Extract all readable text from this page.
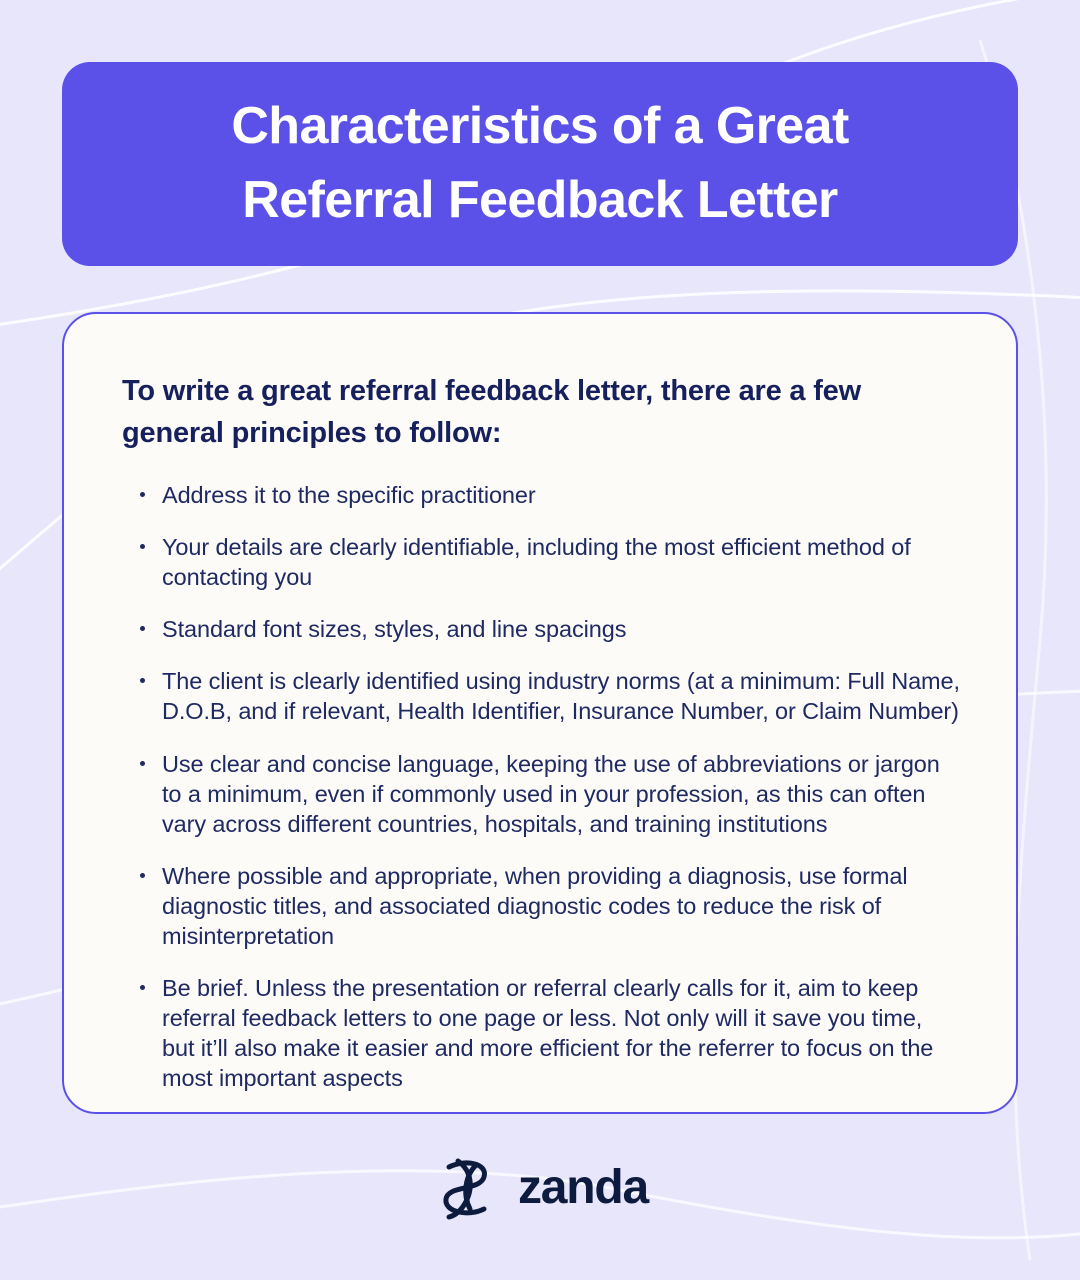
Characteristics of a Great Referral Feedback Letter

To write a great referral feedback letter, there are a few general principles to follow:

Address it to the specific practitioner
Your details are clearly identifiable, including the most efficient method of contacting you
Standard font sizes, styles, and line spacings
The client is clearly identified using industry norms (at a minimum: Full Name, D.O.B, and if relevant, Health Identifier, Insurance Number, or Claim Number)
Use clear and concise language, keeping the use of abbreviations or jargon to a minimum, even if commonly used in your profession, as this can often vary across different countries, hospitals, and training institutions
Where possible and appropriate, when providing a diagnosis, use formal diagnostic titles, and associated diagnostic codes to reduce the risk of misinterpretation
Be brief. Unless the presentation or referral clearly calls for it, aim to keep referral feedback letters to one page or less. Not only will it save you time, but it’ll also make it easier and more efficient for the referrer to focus on the most important aspects
zanda
